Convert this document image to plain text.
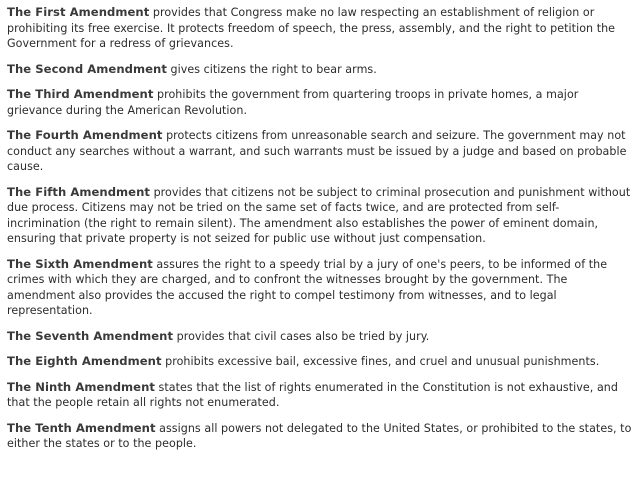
The First Amendment provides that Congress make no law respecting an establishment of religion or prohibiting its free exercise. It protects freedom of speech, the press, assembly, and the right to petition the Government for a redress of grievances.

The Second Amendment gives citizens the right to bear arms.

The Third Amendment prohibits the government from quartering troops in private homes, a major grievance during the American Revolution.

The Fourth Amendment protects citizens from unreasonable search and seizure. The government may not conduct any searches without a warrant, and such warrants must be issued by a judge and based on probable cause.

The Fifth Amendment provides that citizens not be subject to criminal prosecution and punishment without due process. Citizens may not be tried on the same set of facts twice, and are protected from self-incrimination (the right to remain silent). The amendment also establishes the power of eminent domain, ensuring that private property is not seized for public use without just compensation.

The Sixth Amendment assures the right to a speedy trial by a jury of one's peers, to be informed of the crimes with which they are charged, and to confront the witnesses brought by the government. The amendment also provides the accused the right to compel testimony from witnesses, and to legal representation.

The Seventh Amendment provides that civil cases also be tried by jury.

The Eighth Amendment prohibits excessive bail, excessive fines, and cruel and unusual punishments.

The Ninth Amendment states that the list of rights enumerated in the Constitution is not exhaustive, and that the people retain all rights not enumerated.

The Tenth Amendment assigns all powers not delegated to the United States, or prohibited to the states, to either the states or to the people.
